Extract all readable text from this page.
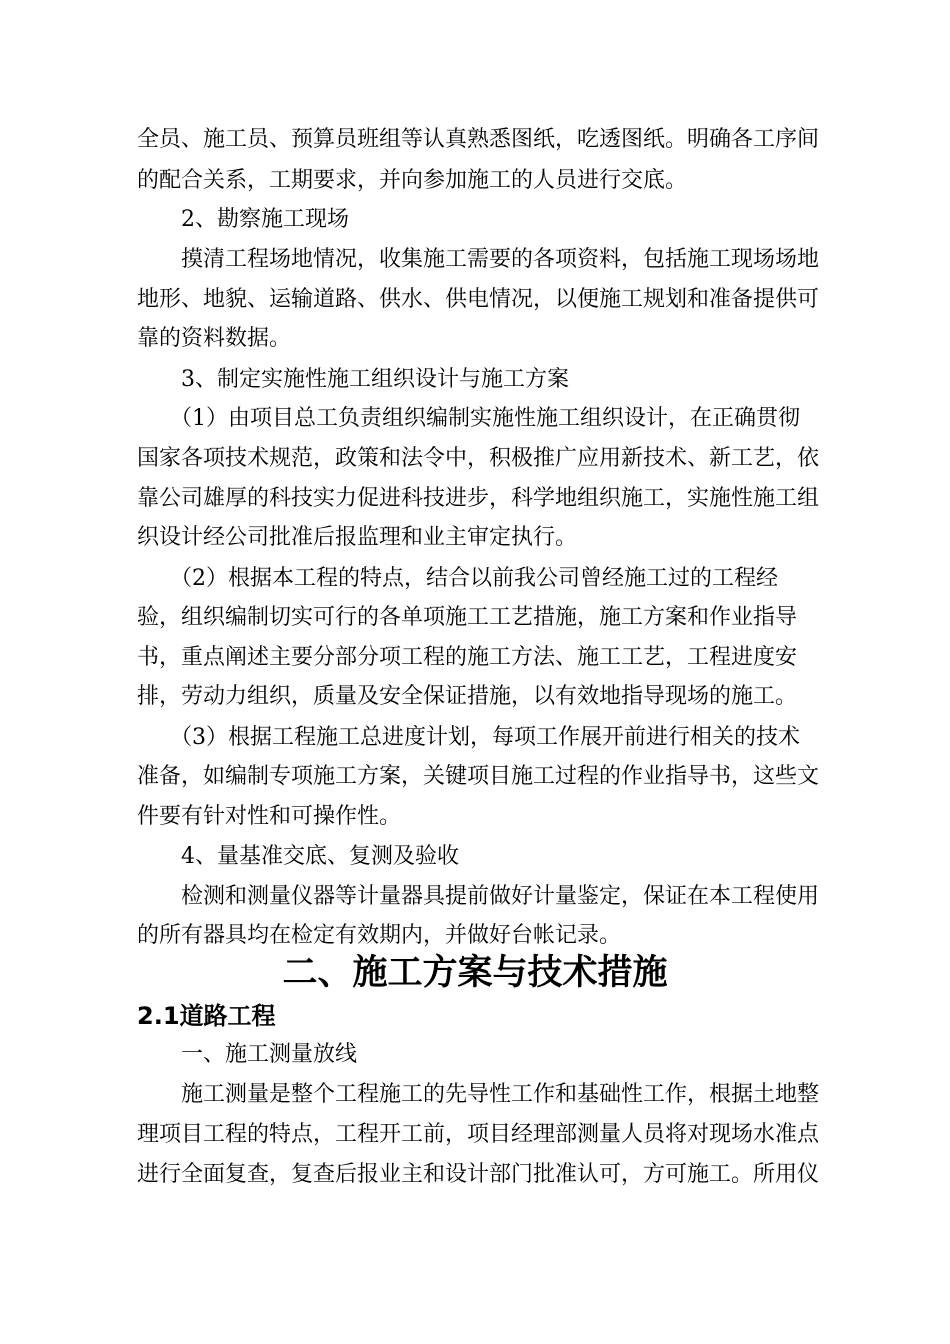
全员、施工员、预算员班组等认真熟悉图纸，吃透图纸。明确各工序间
的配合关系，工期要求，并向参加施工的人员进行交底。
2、勘察施工现场
摸清工程场地情况，收集施工需要的各项资料，包括施工现场场地
地形、地貌、运输道路、供水、供电情况，以便施工规划和准备提供可
靠的资料数据。
3、制定实施性施工组织设计与施工方案
（1）由项目总工负责组织编制实施性施工组织设计，在正确贯彻
国家各项技术规范，政策和法令中，积极推广应用新技术、新工艺，依
靠公司雄厚的科技实力促进科技进步，科学地组织施工，实施性施工组
织设计经公司批准后报监理和业主审定执行。
（2）根据本工程的特点，结合以前我公司曾经施工过的工程经
验，组织编制切实可行的各单项施工工艺措施，施工方案和作业指导
书，重点阐述主要分部分项工程的施工方法、施工工艺，工程进度安
排，劳动力组织，质量及安全保证措施，以有效地指导现场的施工。
（3）根据工程施工总进度计划，每项工作展开前进行相关的技术
准备，如编制专项施工方案，关键项目施工过程的作业指导书，这些文
件要有针对性和可操作性。
4、量基准交底、复测及验收
检测和测量仪器等计量器具提前做好计量鉴定，保证在本工程使用
的所有器具均在检定有效期内，并做好台帐记录。
二、施工方案与技术措施
2.1道路工程
一、施工测量放线
施工测量是整个工程施工的先导性工作和基础性工作，根据土地整
理项目工程的特点，工程开工前，项目经理部测量人员将对现场水准点
进行全面复查，复查后报业主和设计部门批准认可，方可施工。所用仪
